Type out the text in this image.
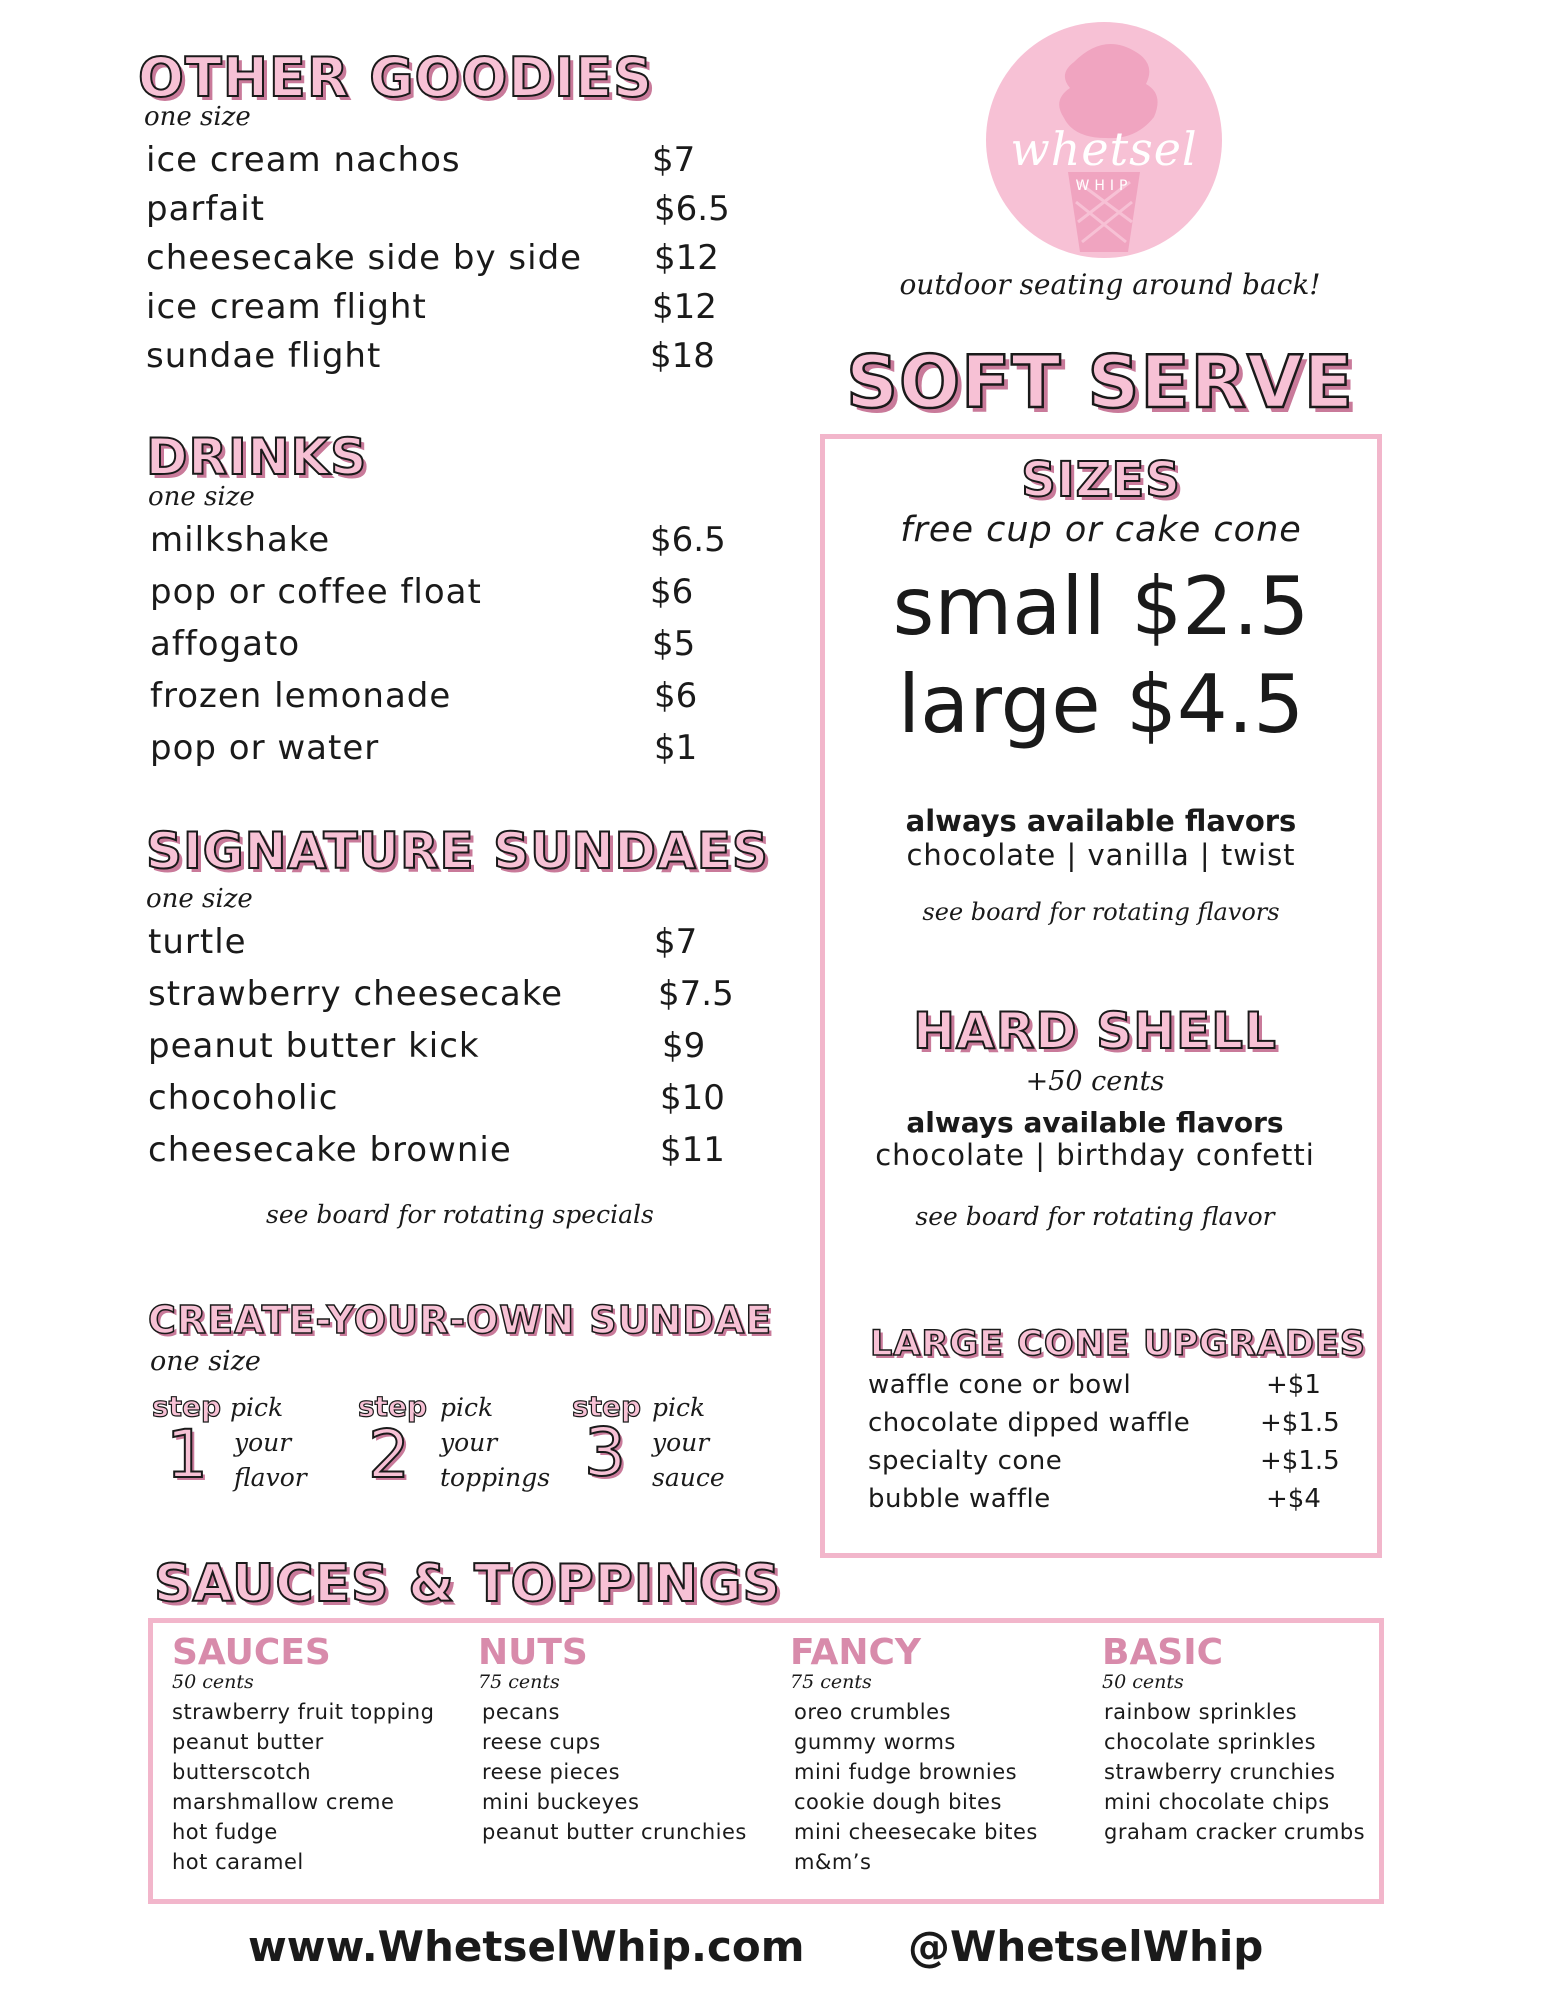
OTHER GOODIES
one size
ice cream nachos	$7
parfait	$6.5
cheesecake side by side $12
ice cream flight	$12
sundae flight	$18
DRINKS
one size
milkshake	$6.5
pop or coffee float	$6
affogato	$5
frozen lemonade	$6
pop or water	$1
SIGNATURE SUNDAES
one size
turtle	$7
strawberry cheesecake	$7.5
peanut butter kick	$9
chocoholic	$10
cheesecake brownie	$11
see board for rotating specials
CREATE-YOUR-OWN SUNDAE
one size
step
1
pick
your
flavor
step
2
pick
your
toppings
step
3
pick
your
sauce
whetsel
WHIP
outdoor seating around back!
SOFT SERVE
SIZES
free cup or cake cone
small $2.5
large $4.5
always available flavors
chocolate | vanilla | twist
see board for rotating flavors
HARD SHELL
+50 cents
always available flavors
chocolate | birthday confetti
see board for rotating flavor
LARGE CONE UPGRADES
waffle cone or bowl	+$1
chocolate dipped waffle	+$1.5
specialty cone	+$1.5
bubble waffle	+$4
SAUCES & TOPPINGS
SAUCES
50 cents
strawberry fruit topping
peanut butter
butterscotch
marshmallow creme
hot fudge
hot caramel
NUTS
75 cents
pecans
reese cups
reese pieces
mini buckeyes
peanut butter crunchies
FANCY
75 cents
oreo crumbles
gummy worms
mini fudge brownies
cookie dough bites
mini cheesecake bites
m&m’s
BASIC
50 cents
rainbow sprinkles
chocolate sprinkles
strawberry crunchies
mini chocolate chips
graham cracker crumbs
www.WhetselWhip.com @WhetselWhip
